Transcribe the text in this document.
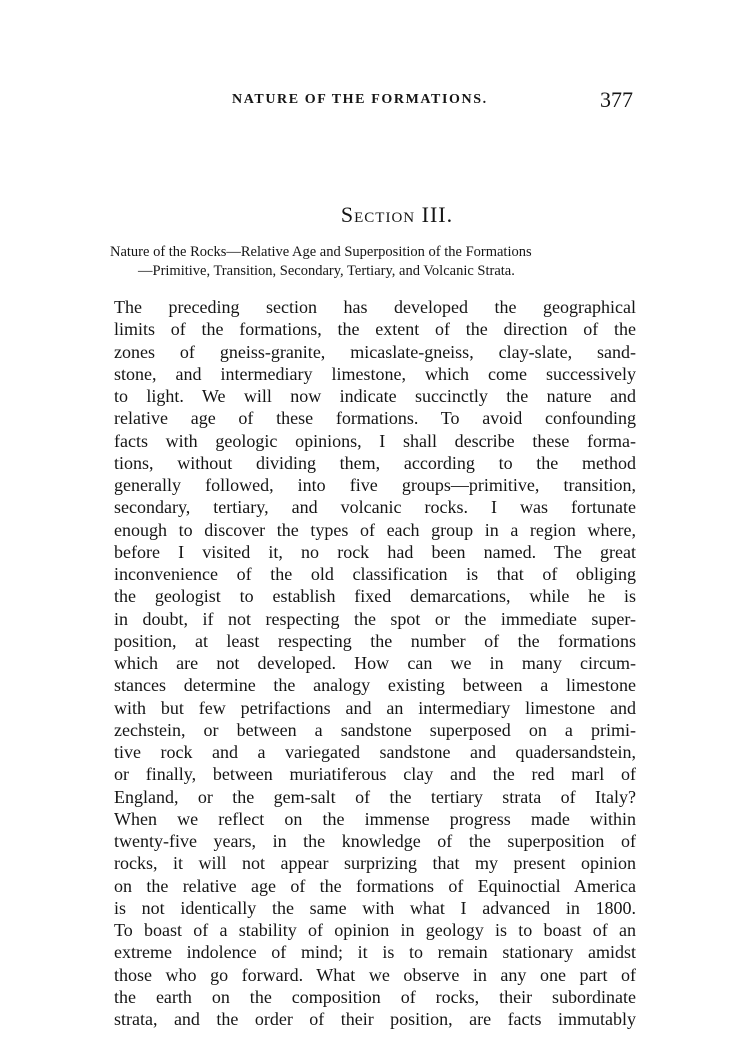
NATURE OF THE FORMATIONS.	377
Section III.
Nature of the Rocks—Relative Age and Superposition of the Formations
—Primitive, Transition, Secondary, Tertiary, and Volcanic Strata.
The preceding section has developed the geographical
limits of the formations, the extent of the direction of the
zones of gneiss-granite, micaslate-gneiss, clay-slate, sand-
stone, and intermediary limestone, which come successively
to light. We will now indicate succinctly the nature and
relative age of these formations. To avoid confounding
facts with geologic opinions, I shall describe these forma-
tions, without dividing them, according to the method
generally followed, into five groups—primitive, transition,
secondary, tertiary, and volcanic rocks. I was fortunate
enough to discover the types of each group in a region where,
before I visited it, no rock had been named. The great
inconvenience of the old classification is that of obliging
the geologist to establish fixed demarcations, while he is
in doubt, if not respecting the spot or the immediate super-
position, at least respecting the number of the formations
which are not developed. How can we in many circum-
stances determine the analogy existing between a limestone
with but few petrifactions and an intermediary limestone and
zechstein, or between a sandstone superposed on a primi-
tive rock and a variegated sandstone and quadersandstein,
or finally, between muriatiferous clay and the red marl of
England, or the gem-salt of the tertiary strata of Italy?
When we reflect on the immense progress made within
twenty-five years, in the knowledge of the superposition of
rocks, it will not appear surprizing that my present opinion
on the relative age of the formations of Equinoctial America
is not identically the same with what I advanced in 1800.
To boast of a stability of opinion in geology is to boast of an
extreme indolence of mind; it is to remain stationary amidst
those who go forward. What we observe in any one part of
the earth on the composition of rocks, their subordinate
strata, and the order of their position, are facts immutably
